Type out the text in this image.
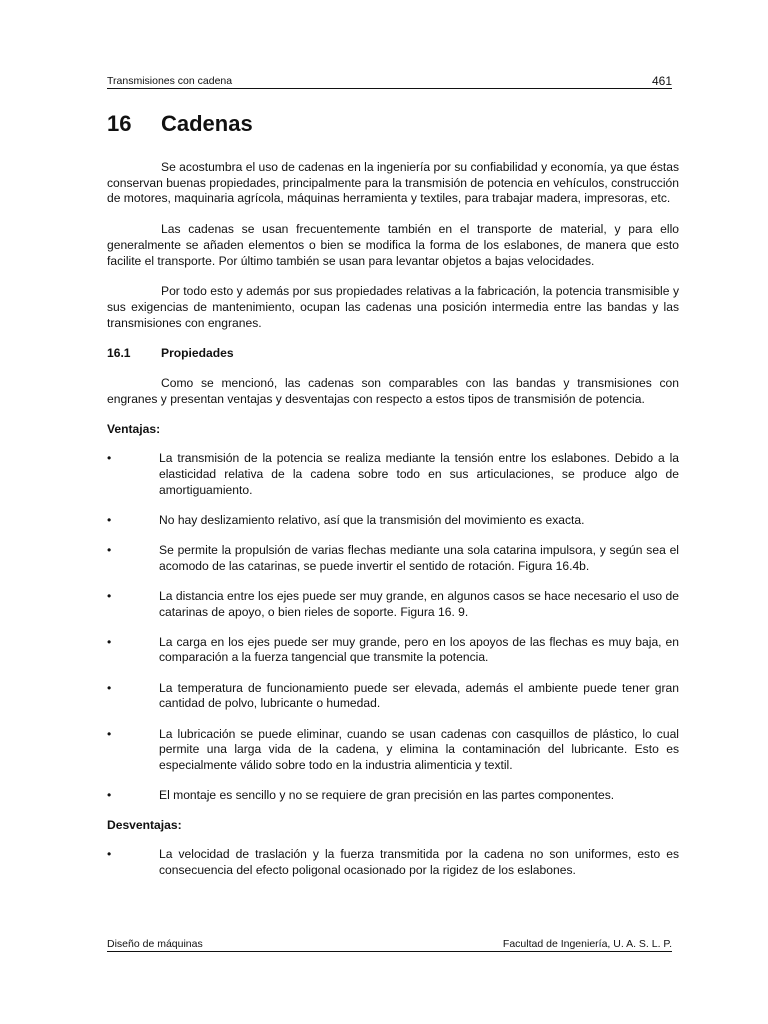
Transmisiones con cadena	461
16 Cadenas

Se acostumbra el uso de cadenas en la ingeniería por su confiabilidad y economía, ya que éstas conservan buenas propiedades, principalmente para la transmisión de potencia en vehículos, construcción de motores, maquinaria agrícola, máquinas herramienta y textiles, para trabajar madera, impresoras, etc.

Las cadenas se usan frecuentemente también en el transporte de material, y para ello generalmente se añaden elementos o bien se modifica la forma de los eslabones, de manera que esto facilite el transporte. Por último también se usan para levantar objetos a bajas velocidades.

Por todo esto y además por sus propiedades relativas a la fabricación, la potencia transmisible y sus exigencias de mantenimiento, ocupan las cadenas una posición intermedia entre las bandas y las transmisiones con engranes.

16.1	Propiedades

Como se mencionó, las cadenas son comparables con las bandas y transmisiones con engranes y presentan ventajas y desventajas con respecto a estos tipos de transmisión de potencia.

Ventajas:
•	La transmisión de la potencia se realiza mediante la tensión entre los eslabones. Debido a la elasticidad relativa de la cadena sobre todo en sus articulaciones, se produce algo de amortiguamiento.

•	No hay deslizamiento relativo, así que la transmisión del movimiento es exacta.

•	Se permite la propulsión de varias flechas mediante una sola catarina impulsora, y según sea el acomodo de las catarinas, se puede invertir el sentido de rotación. Figura 16.4b.

•	La distancia entre los ejes puede ser muy grande, en algunos casos se hace necesario el uso de catarinas de apoyo, o bien rieles de soporte. Figura 16. 9.

•	La carga en los ejes puede ser muy grande, pero en los apoyos de las flechas es muy baja, en comparación a la fuerza tangencial que transmite la potencia.

•	La temperatura de funcionamiento puede ser elevada, además el ambiente puede tener gran cantidad de polvo, lubricante o humedad.

•	La lubricación se puede eliminar, cuando se usan cadenas con casquillos de plástico, lo cual permite una larga vida de la cadena, y elimina la contaminación del lubricante. Esto es especialmente válido sobre todo en la industria alimenticia y textil.

•	El montaje es sencillo y no se requiere de gran precisión en las partes componentes.

Desventajas:
•	La velocidad de traslación y la fuerza transmitida por la cadena no son uniformes, esto es consecuencia del efecto poligonal ocasionado por la rigidez de los eslabones.

Diseño de máquinas	Facultad de Ingeniería, U. A. S. L. P.
